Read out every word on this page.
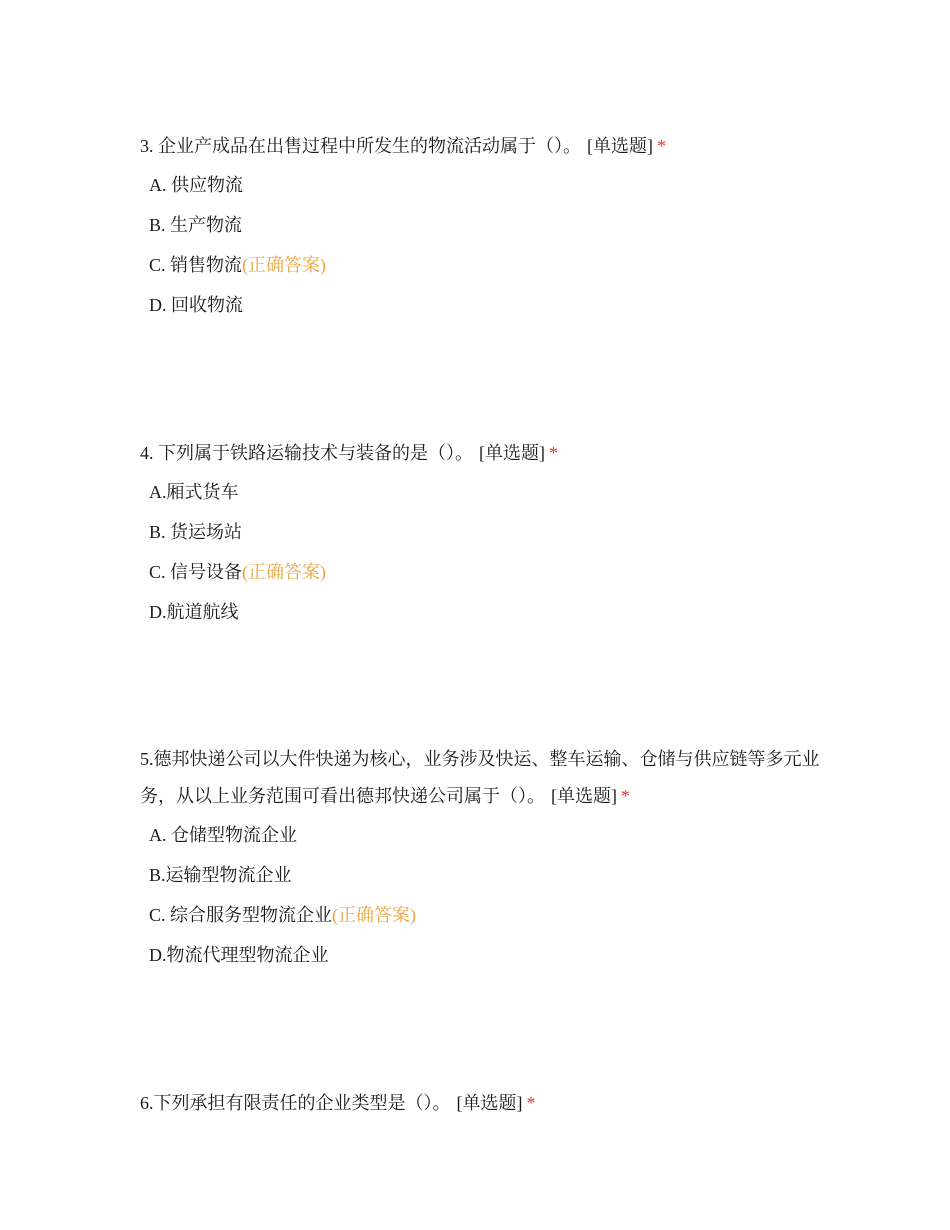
3. 企业产成品在出售过程中所发生的物流活动属于（）。 [单选题] *

A. 供应物流

B. 生产物流

C. 销售物流(正确答案)

D. 回收物流

4. 下列属于铁路运输技术与装备的是（）。 [单选题] *

A.厢式货车

B. 货运场站

C. 信号设备(正确答案)

D.航道航线

5.德邦快递公司以大件快递为核心，业务涉及快运、整车运输、仓储与供应链等多元业务，从以上业务范围可看出德邦快递公司属于（）。 [单选题] *

A. 仓储型物流企业

B.运输型物流企业

C. 综合服务型物流企业(正确答案)

D.物流代理型物流企业

6.下列承担有限责任的企业类型是（）。 [单选题] *
